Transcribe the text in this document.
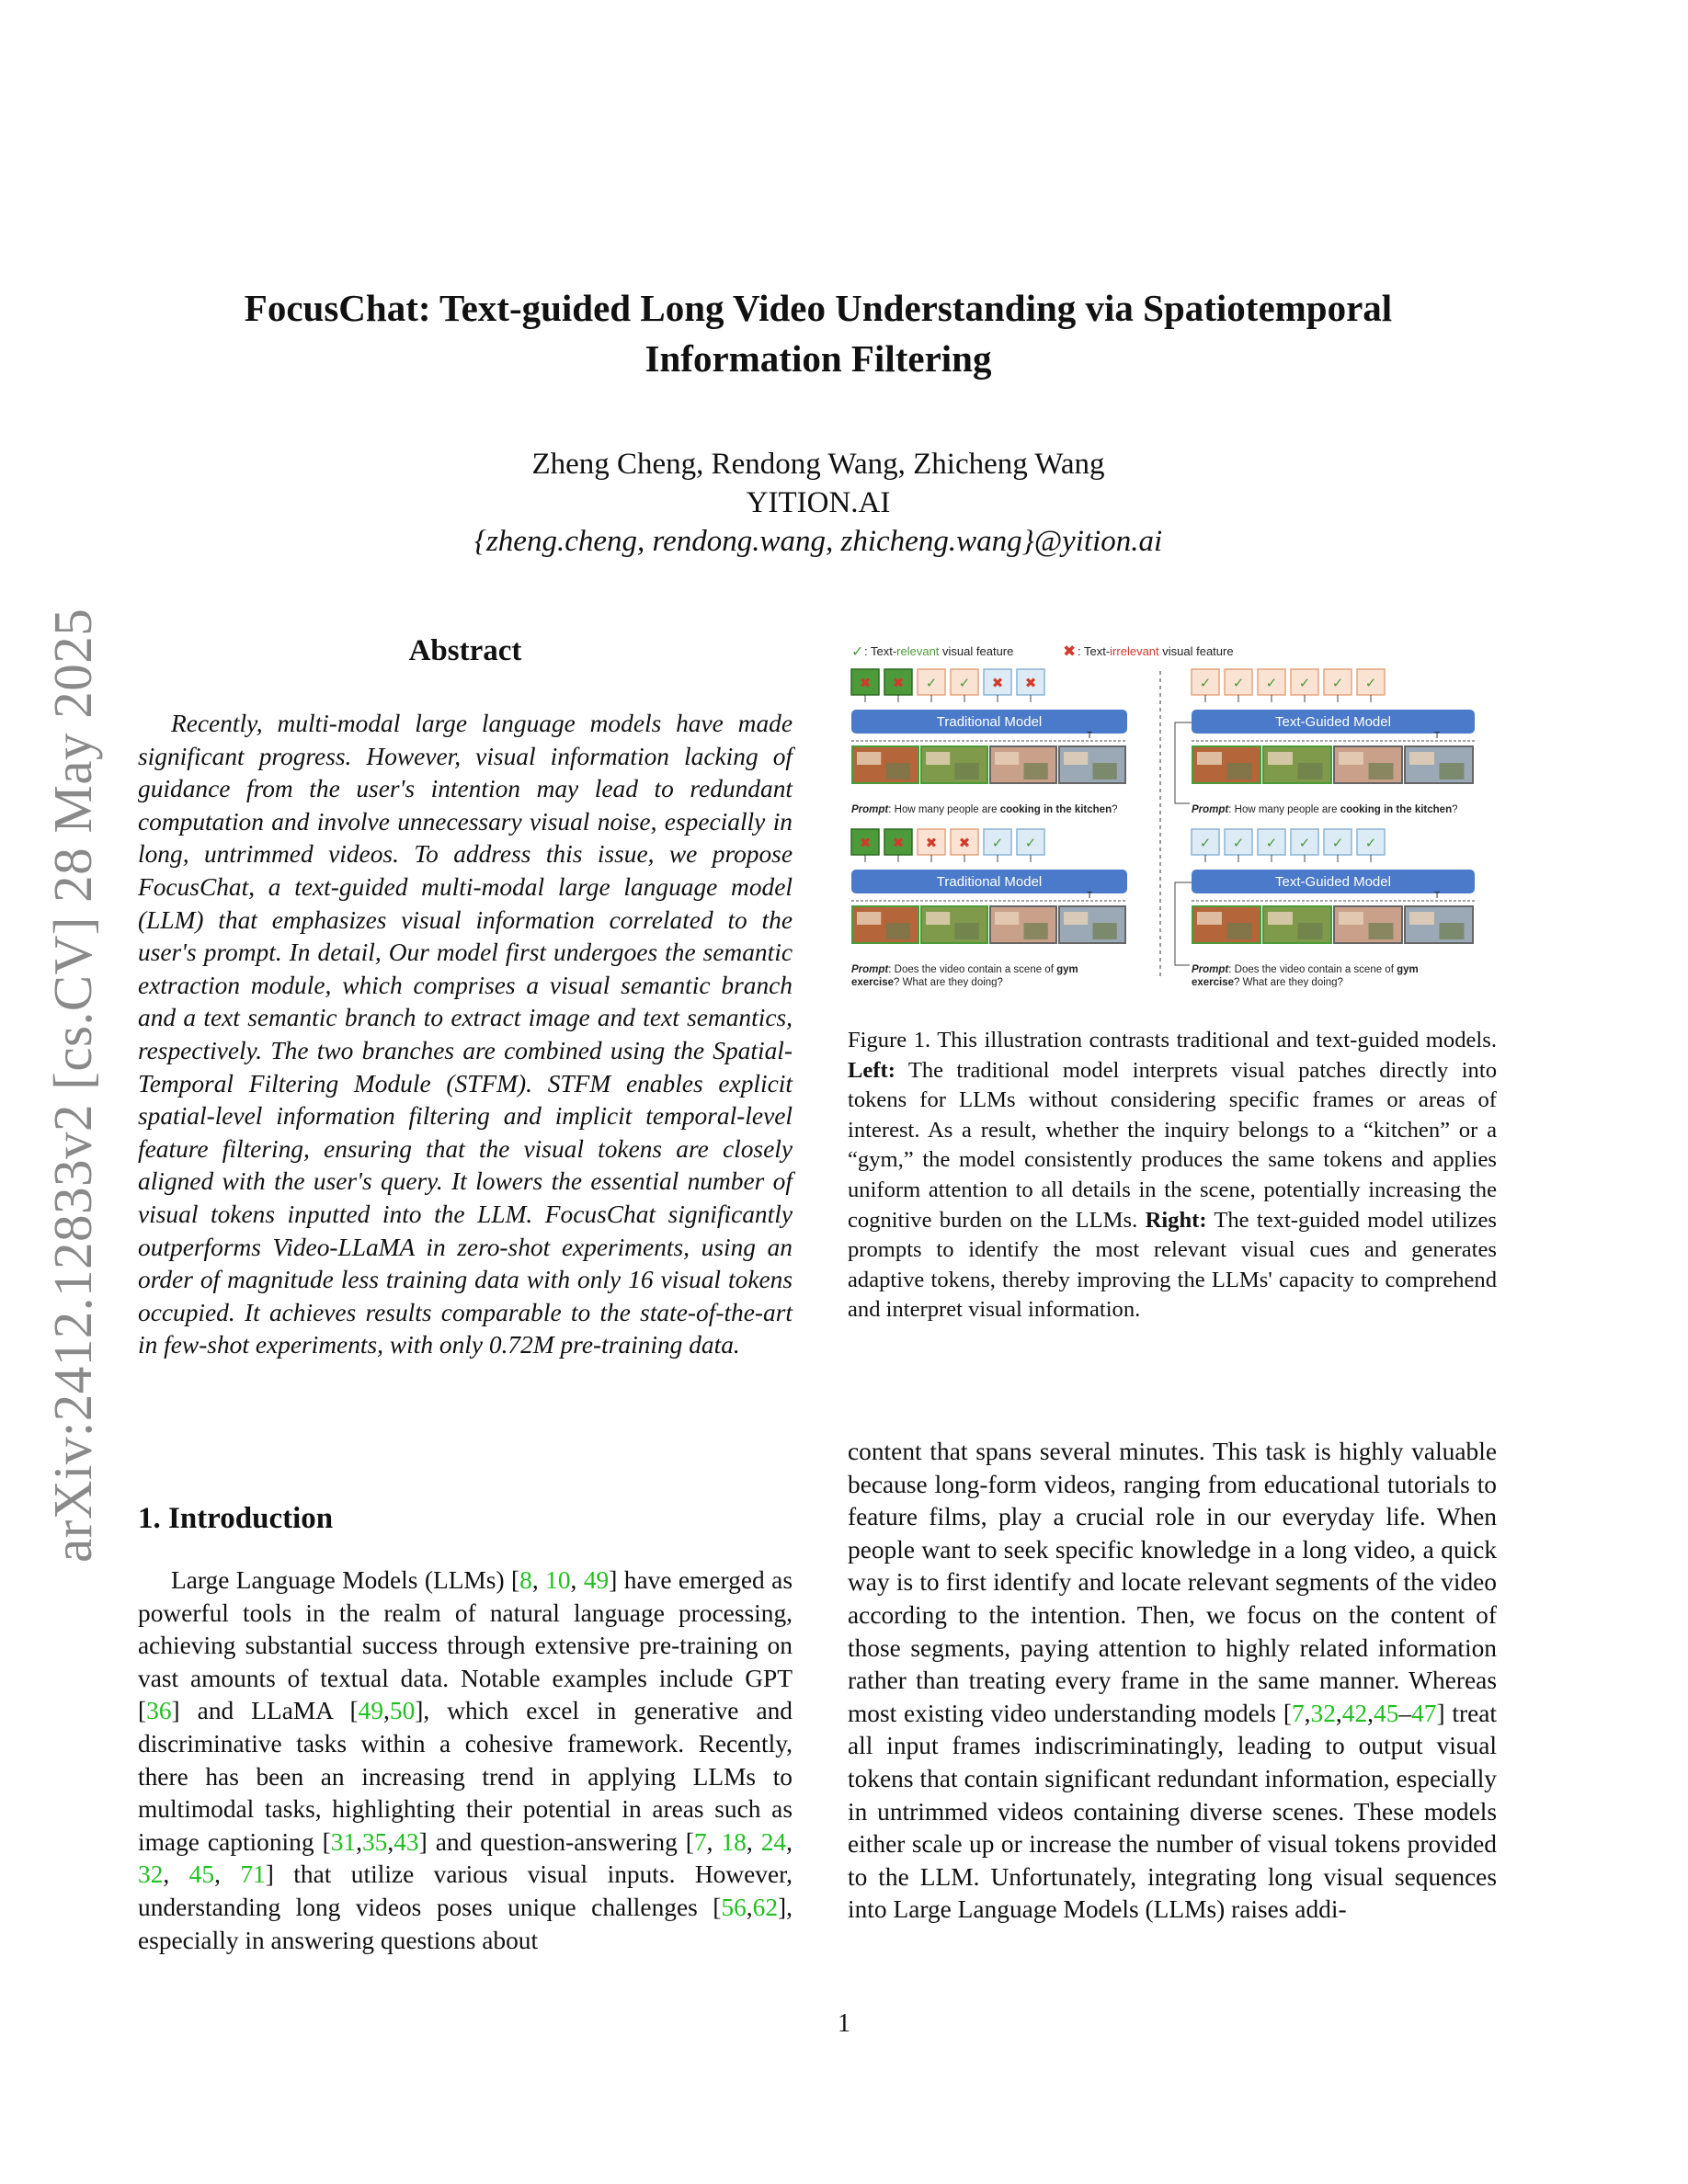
arXiv:2412.12833v2 [cs.CV] 28 May 2025
FocusChat: Text-guided Long Video Understanding via Spatiotemporal
Information Filtering
Zheng Cheng, Rendong Wang, Zhicheng Wang
YITION.AI
{zheng.cheng, rendong.wang, zhicheng.wang}@yition.ai
Abstract
Recently, multi-modal large language models have made significant progress. However, visual information lacking of guidance from the user's intention may lead to redundant computation and involve unnecessary visual noise, especially in long, untrimmed videos. To address this issue, we propose FocusChat, a text-guided multi-modal large language model (LLM) that emphasizes visual information correlated to the user's prompt. In detail, Our model first undergoes the semantic extraction module, which comprises a visual semantic branch and a text semantic branch to extract image and text semantics, respectively. The two branches are combined using the Spatial-Temporal Filtering Module (STFM). STFM enables explicit spatial-level information filtering and implicit temporal-level feature filtering, ensuring that the visual tokens are closely aligned with the user's query. It lowers the essential number of visual tokens inputted into the LLM. FocusChat significantly outperforms Video-LLaMA in zero-shot experiments, using an order of magnitude less training data with only 16 visual tokens occupied. It achieves results comparable to the state-of-the-art in few-shot experiments, with only 0.72M pre-training data.
✓ : Text-relevant visual feature	✖ : Text-irrelevant visual feature
✖ ✖ ✓ ✓ ✖ ✖
Traditional Model
T
Prompt: How many people are cooking in the kitchen?
✓ ✓ ✓ ✓ ✓ ✓
Text-Guided Model
T
Prompt: How many people are cooking in the kitchen?
✖ ✖ ✖ ✖ ✓ ✓
Traditional Model
T
Prompt: Does the video contain a scene of gym exercise? What are they doing?
✓ ✓ ✓ ✓ ✓ ✓
Text-Guided Model
T
Prompt: Does the video contain a scene of gym exercise? What are they doing?
Figure 1. This illustration contrasts traditional and text-guided models. Left: The traditional model interprets visual patches directly into tokens for LLMs without considering specific frames or areas of interest. As a result, whether the inquiry belongs to a “kitchen” or a “gym,” the model consistently produces the same tokens and applies uniform attention to all details in the scene, potentially increasing the cognitive burden on the LLMs. Right: The text-guided model utilizes prompts to identify the most relevant visual cues and generates adaptive tokens, thereby improving the LLMs' capacity to comprehend and interpret visual information.
1. Introduction
Large Language Models (LLMs) [8, 10, 49] have emerged as powerful tools in the realm of natural language processing, achieving substantial success through extensive pre-training on vast amounts of textual data. Notable examples include GPT [36] and LLaMA [49,50], which excel in generative and discriminative tasks within a cohesive framework. Recently, there has been an increasing trend in applying LLMs to multimodal tasks, highlighting their potential in areas such as image captioning [31,35,43] and question-answering [7, 18, 24, 32, 45, 71] that utilize various visual inputs. However, understanding long videos poses unique challenges [56,62], especially in answering questions about
content that spans several minutes. This task is highly valuable because long-form videos, ranging from educational tutorials to feature films, play a crucial role in our everyday life. When people want to seek specific knowledge in a long video, a quick way is to first identify and locate relevant segments of the video according to the intention. Then, we focus on the content of those segments, paying attention to highly related information rather than treating every frame in the same manner. Whereas most existing video understanding models [7,32,42,45–47] treat all input frames indiscriminatingly, leading to output visual tokens that contain significant redundant information, especially in untrimmed videos containing diverse scenes. These models either scale up or increase the number of visual tokens provided to the LLM. Unfortunately, integrating long visual sequences into Large Language Models (LLMs) raises addi-
1
